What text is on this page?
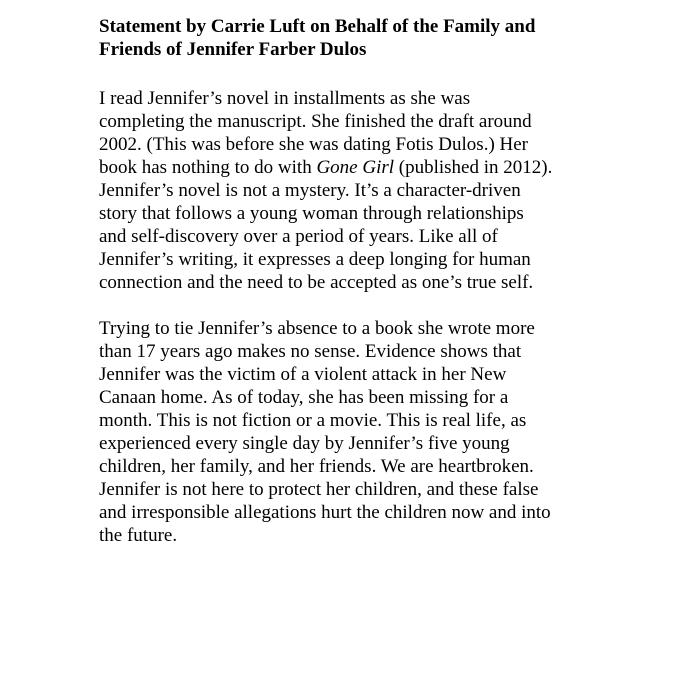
Statement by Carrie Luft on Behalf of the Family and
Friends of Jennifer Farber Dulos

I read Jennifer’s novel in installments as she was
completing the manuscript. She finished the draft around
2002. (This was before she was dating Fotis Dulos.) Her
book has nothing to do with Gone Girl (published in 2012).
Jennifer’s novel is not a mystery. It’s a character-driven
story that follows a young woman through relationships
and self-discovery over a period of years. Like all of
Jennifer’s writing, it expresses a deep longing for human
connection and the need to be accepted as one’s true self.

Trying to tie Jennifer’s absence to a book she wrote more
than 17 years ago makes no sense. Evidence shows that
Jennifer was the victim of a violent attack in her New
Canaan home. As of today, she has been missing for a
month. This is not fiction or a movie. This is real life, as
experienced every single day by Jennifer’s five young
children, her family, and her friends. We are heartbroken.
Jennifer is not here to protect her children, and these false
and irresponsible allegations hurt the children now and into
the future.
